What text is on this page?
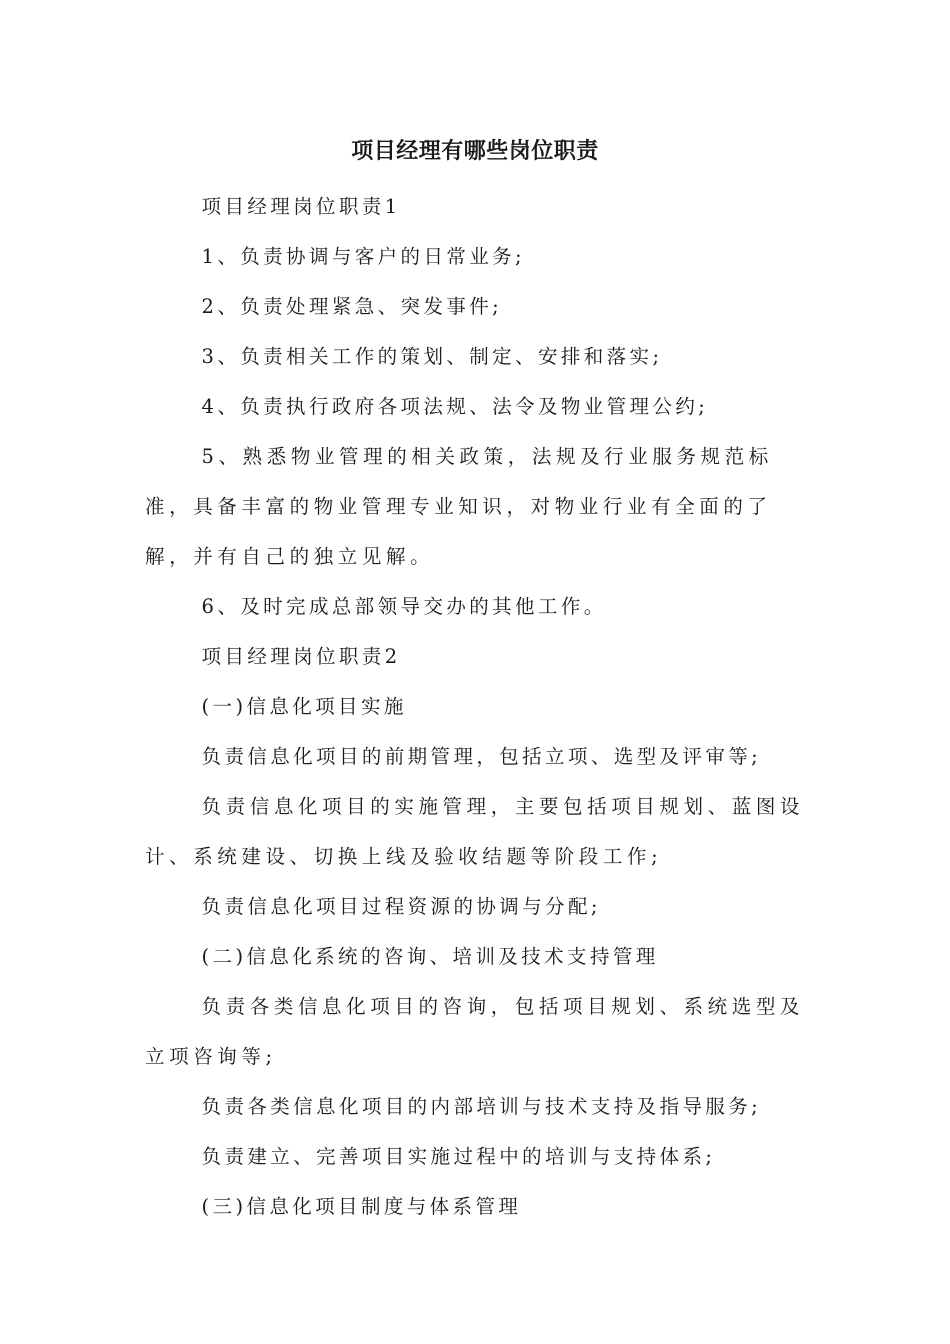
项目经理有哪些岗位职责

项目经理岗位职责1

1、负责协调与客户的日常业务;

2、负责处理紧急、突发事件;

3、负责相关工作的策划、制定、安排和落实;

4、负责执行政府各项法规、法令及物业管理公约;

5、熟悉物业管理的相关政策，法规及行业服务规范标准，具备丰富的物业管理专业知识，对物业行业有全面的了解，并有自己的独立见解。

6、及时完成总部领导交办的其他工作。

项目经理岗位职责2

(一)信息化项目实施

负责信息化项目的前期管理，包括立项、选型及评审等;

负责信息化项目的实施管理，主要包括项目规划、蓝图设计、系统建设、切换上线及验收结题等阶段工作;

负责信息化项目过程资源的协调与分配;

(二)信息化系统的咨询、培训及技术支持管理

负责各类信息化项目的咨询，包括项目规划、系统选型及立项咨询等;

负责各类信息化项目的内部培训与技术支持及指导服务;

负责建立、完善项目实施过程中的培训与支持体系;

(三)信息化项目制度与体系管理
